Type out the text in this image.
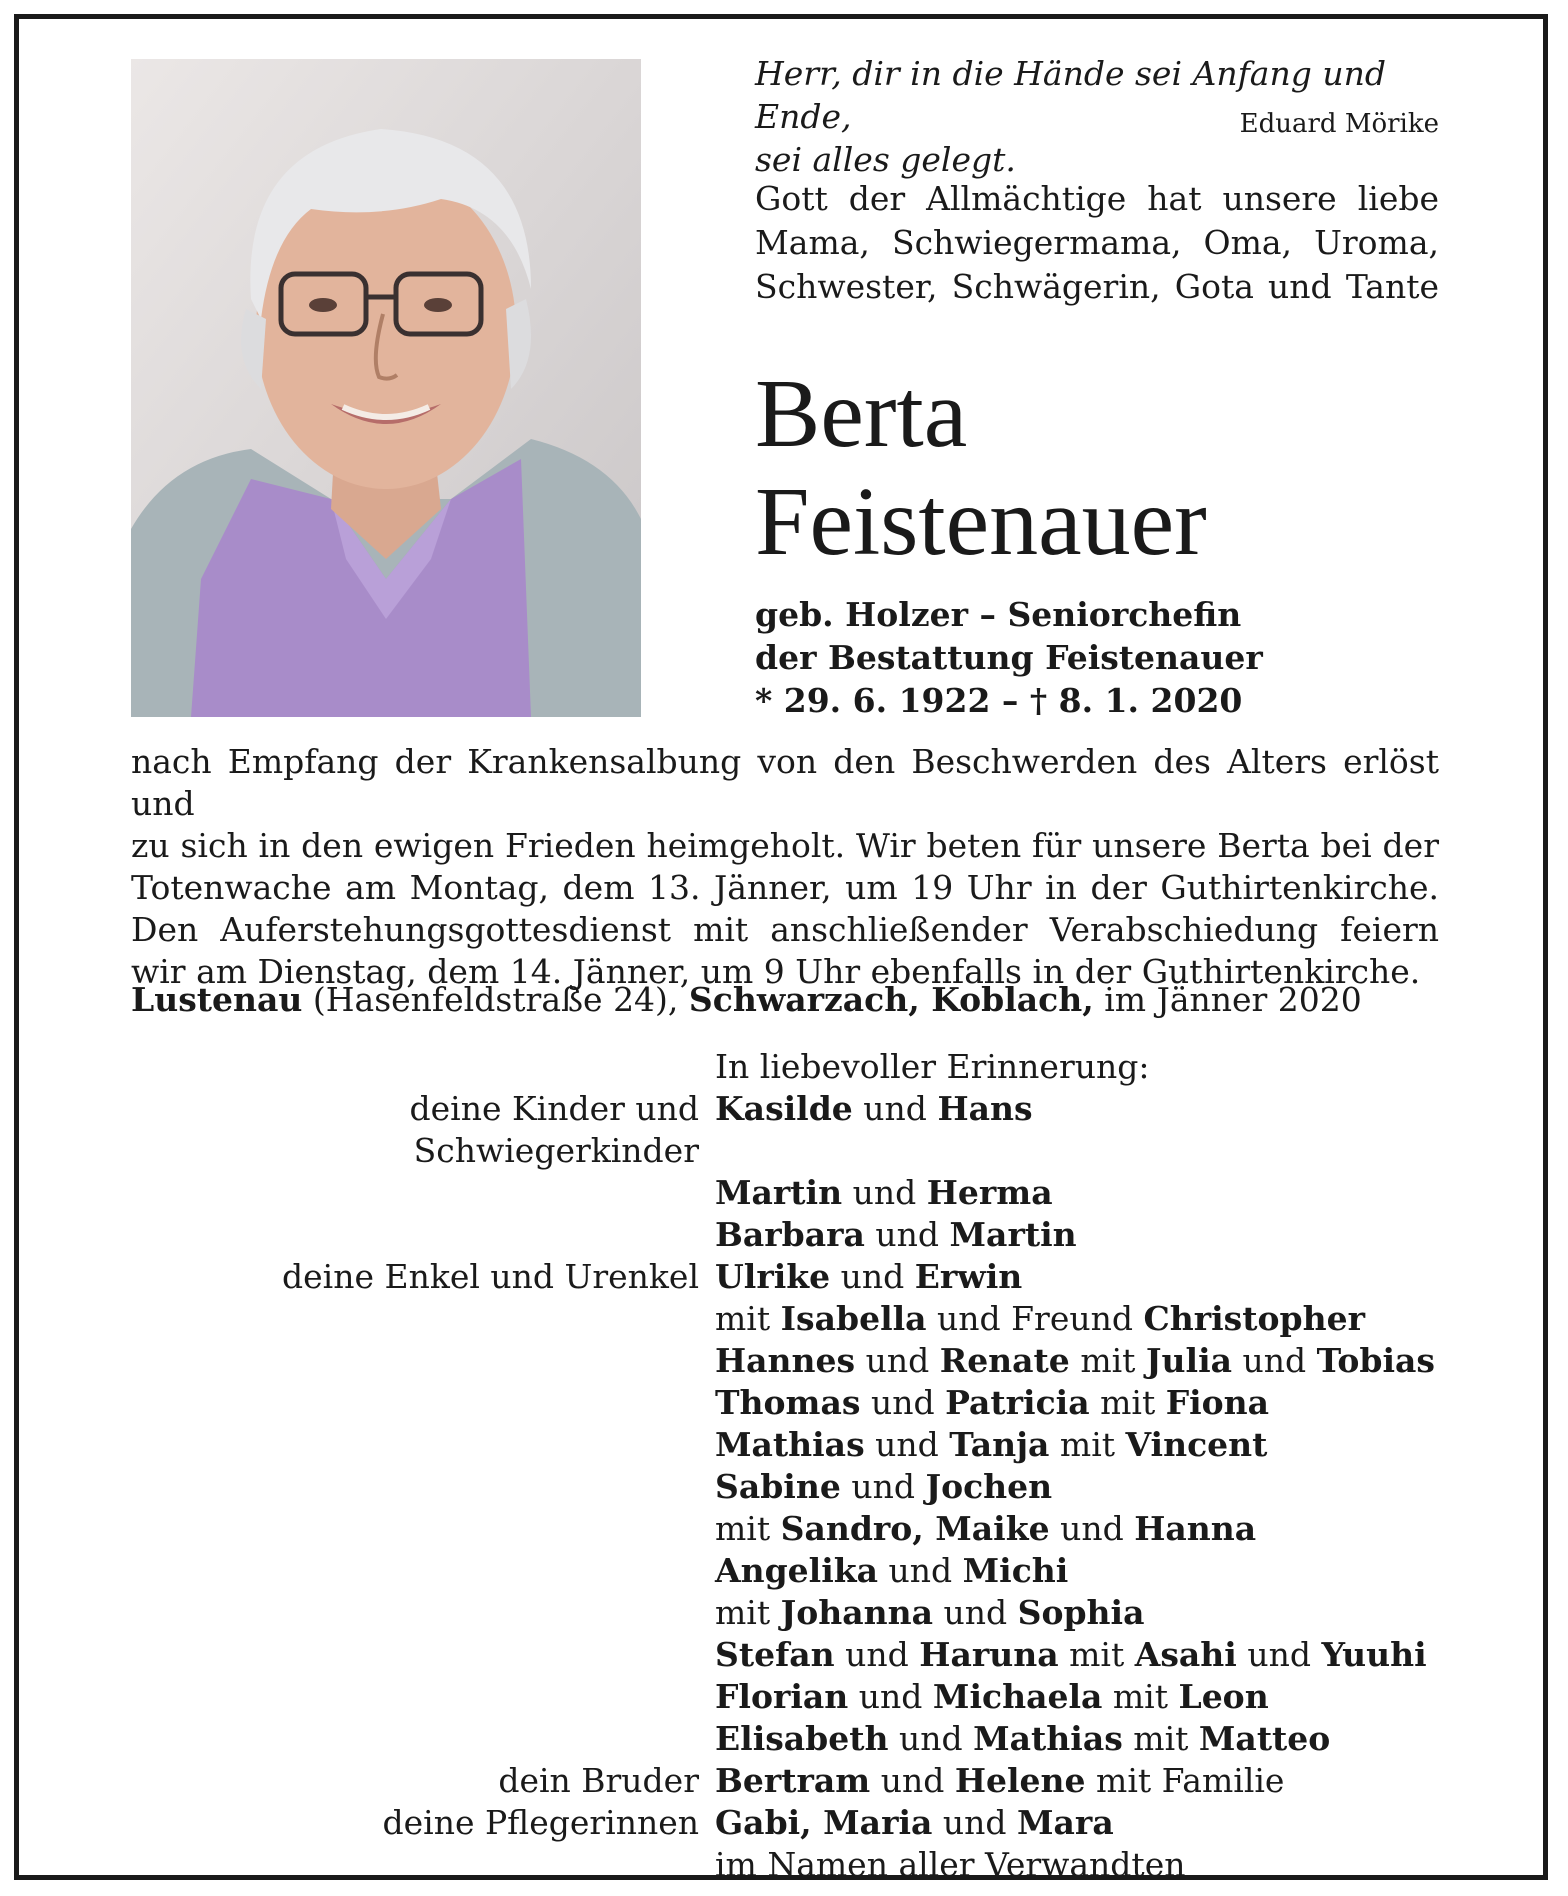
Herr, dir in die Hände sei Anfang und Ende,
sei alles gelegt.
Eduard Mörike
Gott der Allmächtige hat unsere liebe
Mama, Schwiegermama, Oma, Uroma,
Schwester, Schwägerin, Gota und Tante
Berta
Feistenauer
geb. Holzer – Seniorchefin
der Bestattung Feistenauer
* 29. 6. 1922 – † 8. 1. 2020
nach Empfang der Krankensalbung von den Beschwerden des Alters erlöst und
zu sich in den ewigen Frieden heimgeholt. Wir beten für unsere Berta bei der
Totenwache am Montag, dem 13. Jänner, um 19 Uhr in der Guthirtenkirche.
Den Auferstehungsgottesdienst mit anschließender Verabschiedung feiern
wir am Dienstag, dem 14. Jänner, um 9 Uhr ebenfalls in der Guthirtenkirche.
Lustenau (Hasenfeldstraße 24), Schwarzach, Koblach, im Jänner 2020
In liebevoller Erinnerung:
deine Kinder und Schwiegerkinder
Kasilde und Hans
Martin und Herma
Barbara und Martin
deine Enkel und Urenkel Ulrike und Erwin
mit Isabella und Freund Christopher
Hannes und Renate mit Julia und Tobias
Thomas und Patricia mit Fiona
Mathias und Tanja mit Vincent
Sabine und Jochen
mit Sandro, Maike und Hanna
Angelika und Michi
mit Johanna und Sophia
Stefan und Haruna mit Asahi und Yuuhi
Florian und Michaela mit Leon
Elisabeth und Mathias mit Matteo
dein Bruder Bertram und Helene mit Familie
deine Pflegerinnen Gabi, Maria und Mara
im Namen aller Verwandten
